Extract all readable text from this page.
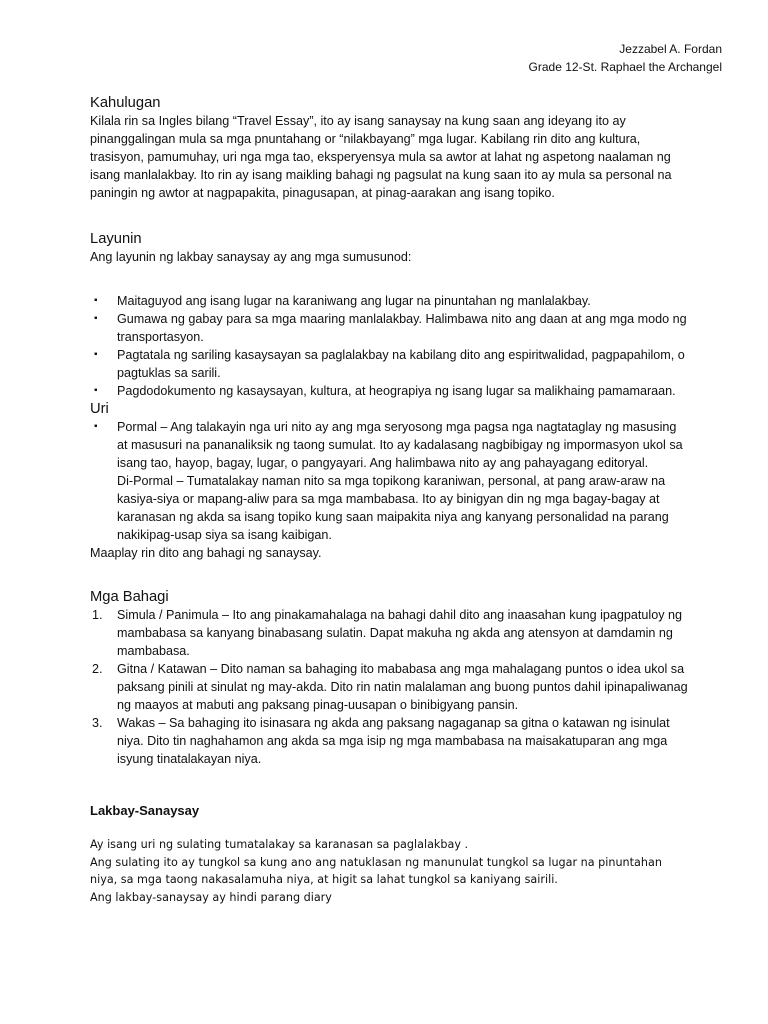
Jezzabel A. Fordan
Grade 12-St. Raphael the Archangel
Kahulugan

Kilala rin sa Ingles bilang “Travel Essay”, ito ay isang sanaysay na kung saan ang ideyang ito ay pinanggalingan mula sa mga pnuntahang or “nilakbayang” mga lugar. Kabilang rin dito ang kultura, trasisyon, pamumuhay, uri nga mga tao, eksperyensya mula sa awtor at lahat ng aspetong naalaman ng isang manlalakbay. Ito rin ay isang maikling bahagi ng pagsulat na kung saan ito ay mula sa personal na paningin ng awtor at nagpapakita, pinagusapan, at pinag-aarakan ang isang topiko.

Layunin

Ang layunin ng lakbay sanaysay ay ang mga sumusunod:

▪ Maitaguyod ang isang lugar na karaniwang ang lugar na pinuntahan ng manlalakbay.
▪ Gumawa ng gabay para sa mga maaring manlalakbay. Halimbawa nito ang daan at ang mga modo ng transportasyon.
▪ Pagtatala ng sariling kasaysayan sa paglalakbay na kabilang dito ang espiritwalidad, pagpapahilom, o pagtuklas sa sarili.
▪ Pagdodokumento ng kasaysayan, kultura, at heograpiya ng isang lugar sa malikhaing pamamaraan.
Uri
▪ Pormal – Ang talakayin nga uri nito ay ang mga seryosong mga pagsa nga nagtataglay ng masusing at masusuri na pananaliksik ng taong sumulat. Ito ay kadalasang nagbibigay ng impormasyon ukol sa isang tao, hayop, bagay, lugar, o pangyayari. Ang halimbawa nito ay ang pahayagang editoryal.

Di-Pormal – Tumatalakay naman nito sa mga topikong karaniwan, personal, at pang araw-araw na kasiya-siya or mapang-aliw para sa mga mambabasa. Ito ay binigyan din ng mga bagay-bagay at karanasan ng akda sa isang topiko kung saan maipakita niya ang kanyang personalidad na parang nakikipag-usap siya sa isang kaibigan.

Maaplay rin dito ang bahagi ng sanaysay.

Mga Bahagi
1. Simula / Panimula – Ito ang pinakamahalaga na bahagi dahil dito ang inaasahan kung ipagpatuloy ng mambabasa sa kanyang binabasang sulatin. Dapat makuha ng akda ang atensyon at damdamin ng mambabasa.
2. Gitna / Katawan – Dito naman sa bahaging ito mababasa ang mga mahalagang puntos o idea ukol sa paksang pinili at sinulat ng may-akda. Dito rin natin malalaman ang buong puntos dahil ipinapaliwanag ng maayos at mabuti ang paksang pinag-uusapan o binibigyang pansin.
3. Wakas – Sa bahaging ito isinasara ng akda ang paksang nagaganap sa gitna o katawan ng isinulat niya. Dito tin naghahamon ang akda sa mga isip ng mga mambabasa na maisakatuparan ang mga isyung tinatalakayan niya.
Lakbay-Sanaysay

Ay isang uri ng sulating tumatalakay sa karanasan sa paglalakbay .

Ang sulating ito ay tungkol sa kung ano ang natuklasan ng manunulat tungkol sa lugar na pinuntahan niya, sa mga taong nakasalamuha niya, at higit sa lahat tungkol sa kaniyang sairili.

Ang lakbay-sanaysay ay hindi parang diary
